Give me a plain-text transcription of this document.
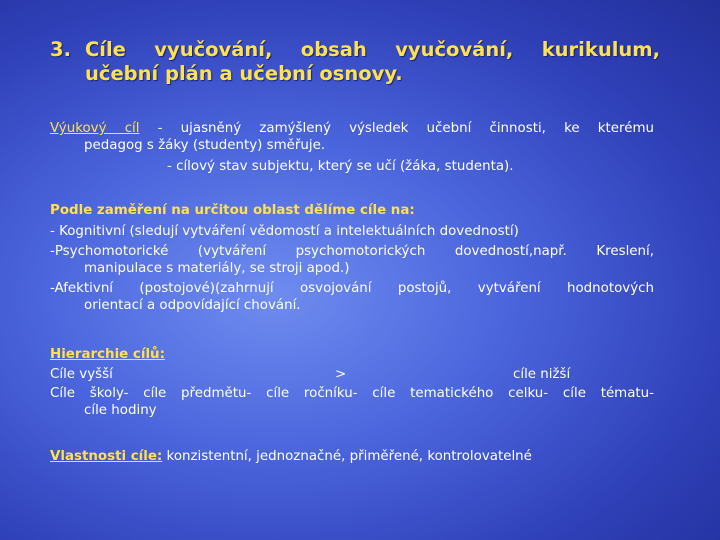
3. Cíle vyučování, obsah vyučování, kurikulum,
učební plán a učební osnovy.
Výukový cíl - ujasněný zamýšlený výsledek učební činnosti, ke kterému
pedagog s žáky (studenty) směřuje.
- cílový stav subjektu, který se učí (žáka, studenta).
Podle zaměření na určitou oblast dělíme cíle na:
- Kognitivní (sledují vytváření vědomostí a intelektuálních dovedností)
-Psychomotorické (vytváření psychomotorických dovedností,např. Kreslení,
manipulace s materiály, se stroji apod.)
-Afektivní (postojové)(zahrnují osvojování postojů, vytváření hodnotových
orientací a odpovídající chování.
Hierarchie cílů:
Cíle vyšší	>	cíle nižší
Cíle školy- cíle předmětu- cíle ročníku- cíle tematického celku- cíle tématu-
cíle hodiny
Vlastnosti cíle: konzistentní, jednoznačné, přiměřené, kontrolovatelné
